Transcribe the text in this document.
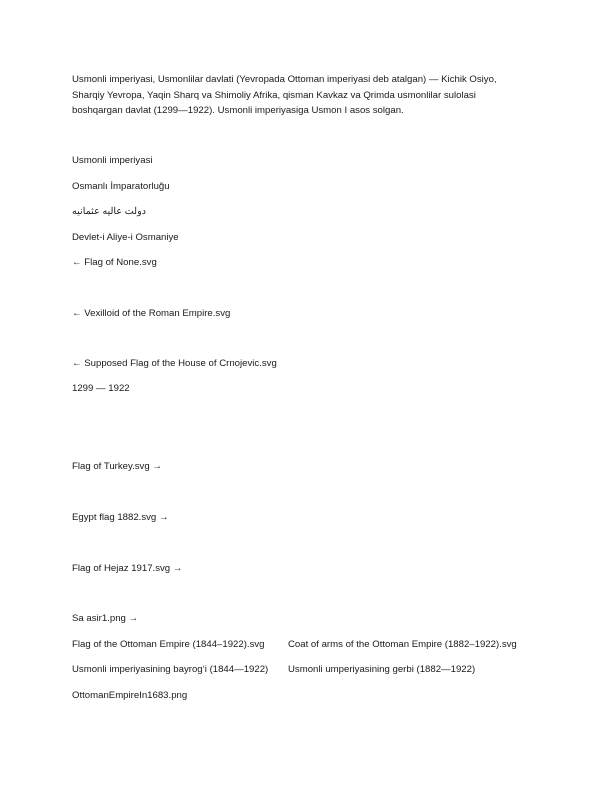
Usmonli imperiyasi, Usmonlilar davlati (Yevropada Ottoman imperiyasi deb atalgan) — Kichik Osiyo,
Sharqiy Yevropa, Yaqin Sharq va Shimoliy Afrika, qisman Kavkaz va Qrimda usmonlilar sulolasi
boshqargan davlat (1299—1922). Usmonli imperiyasiga Usmon I asos solgan.
Usmonli imperiyasi
Osmanlı İmparatorluğu
دولت عاليه عثمانيه
Devlet-i Aliye-i Osmaniye
← Flag of None.svg
← Vexilloid of the Roman Empire.svg
← Supposed Flag of the House of Crnojevic.svg
1299 — 1922
Flag of Turkey.svg →
Egypt flag 1882.svg →
Flag of Hejaz 1917.svg →
Sa asir1.png →
Flag of the Ottoman Empire (1844–1922).svg Coat of arms of the Ottoman Empire (1882–1922).svg
Usmonli imperiyasining bayrog‘i (1844—1922) Usmonli umperiyasining gerbi (1882—1922)
OttomanEmpireIn1683.png
